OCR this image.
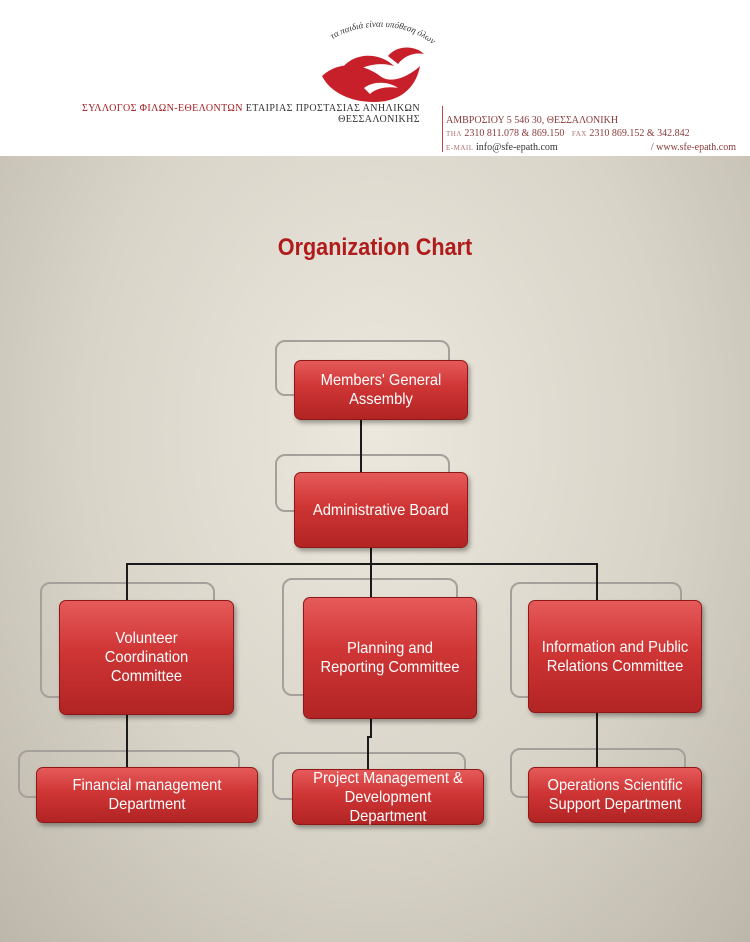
τα παιδιά είναι υπόθεση όλων
ΣΥΛΛΟΓΟΣ ΦΙΛΩΝ-ΕΘΕΛΟΝΤΩΝ ΕΤΑΙΡΙΑΣ ΠΡΟΣΤΑΣΙΑΣ ΑΝΗΛΙΚΩΝ
ΘΕΣΣΑΛΟΝΙΚΗΣ	ΑΜΒΡΟΣΙΟΥ 5 546 30, ΘΕΣΣΑΛΟΝΙΚΗ
ΤΗΛ 2310 811.078 & 869.150 FAX 2310 869.152 & 342.842
E-MAIL info@sfe-epath.com	/ www.sfe-epath.com
Organization Chart
Members' General Assembly
Administrative Board
Volunteer Coordination Committee
Planning and Reporting Committee
Information and Public Relations Committee
Financial management Department
Project Management & Development Department
Operations Scientific Support Department
